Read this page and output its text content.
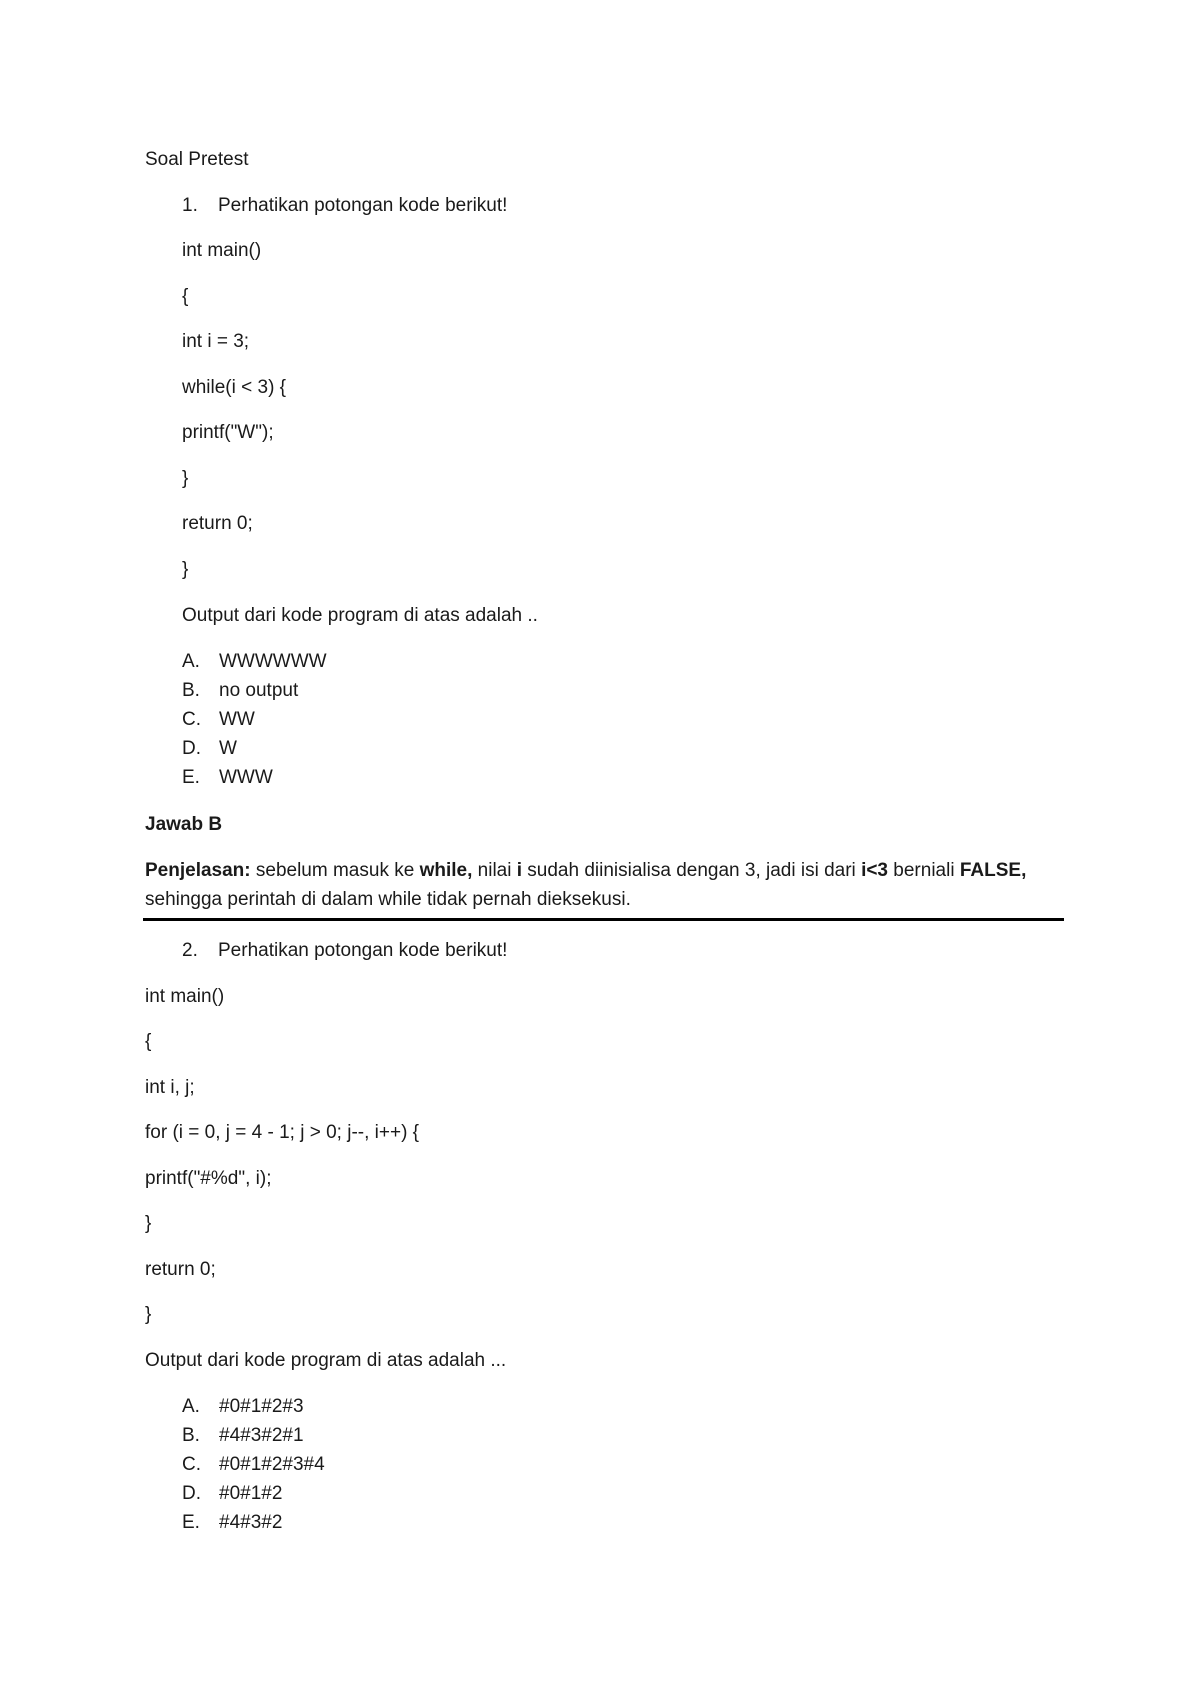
Soal Pretest
1. Perhatikan potongan kode berikut!
int main()
{
int i = 3;
while(i < 3) {
printf("W");
}
return 0;
}
Output dari kode program di atas adalah ..
A. WWWWWW
B. no output
C. WW
D. W
E. WWW
Jawab B
Penjelasan: sebelum masuk ke while, nilai i sudah diinisialisa dengan 3, jadi isi dari i<3 berniali FALSE,
sehingga perintah di dalam while tidak pernah dieksekusi.
2. Perhatikan potongan kode berikut!
int main()
{
int i, j;
for (i = 0, j = 4 - 1; j > 0; j--, i++) {
printf("#%d", i);
}
return 0;
}
Output dari kode program di atas adalah ...
A. #0#1#2#3
B. #4#3#2#1
C. #0#1#2#3#4
D. #0#1#2
E. #4#3#2
